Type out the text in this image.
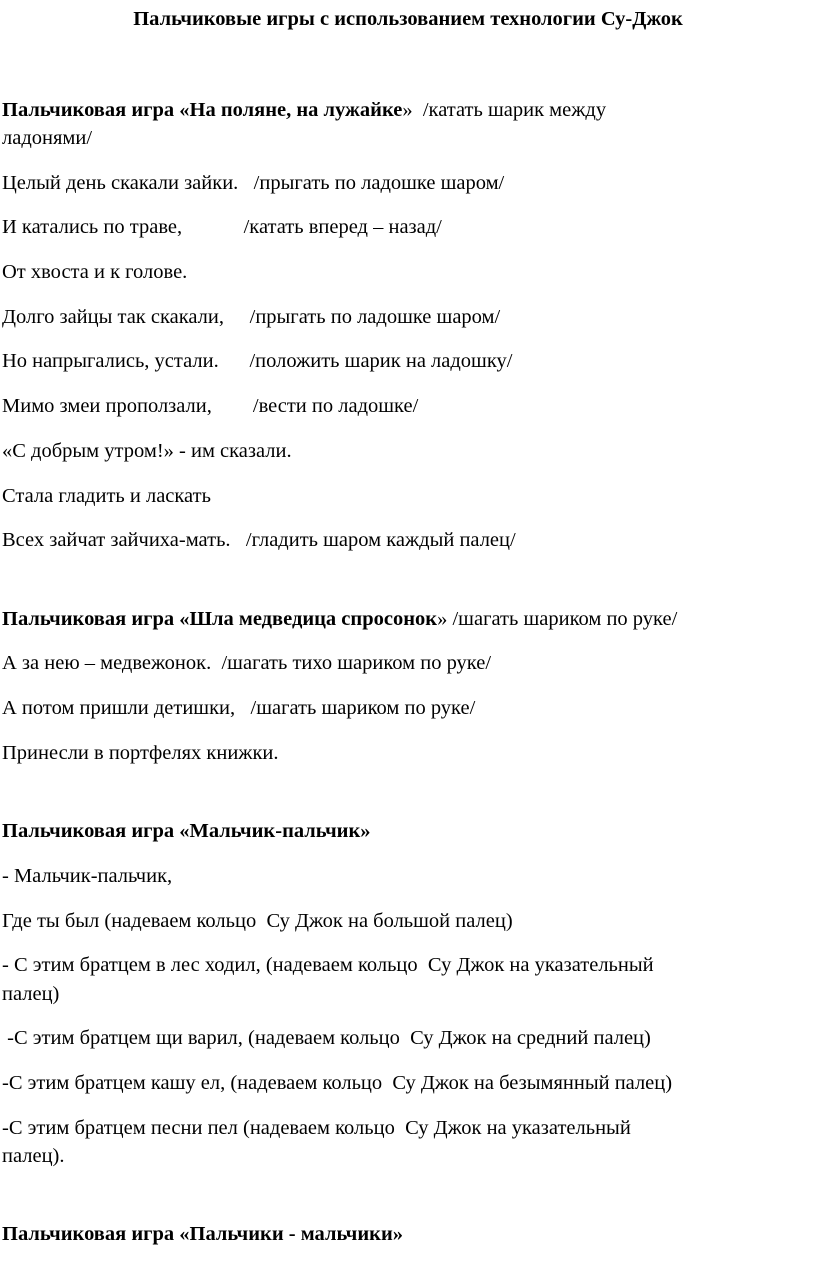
Пальчиковые игры с использованием технологии Су-Джок
Пальчиковая игра «На поляне, на лужайке»  /катать шарик между
ладонями/
Целый день скакали зайки.   /прыгать по ладошке шаром/
И катались по траве,            /катать вперед – назад/
От хвоста и к голове.
Долго зайцы так скакали,     /прыгать по ладошке шаром/
Но напрыгались, устали.      /положить шарик на ладошку/
Мимо змеи проползали,        /вести по ладошке/
«С добрым утром!» - им сказали.
Стала гладить и ласкать
Всех зайчат зайчиха-мать.   /гладить шаром каждый палец/
Пальчиковая игра «Шла медведица спросонок» /шагать шариком по руке/
А за нею – медвежонок.  /шагать тихо шариком по руке/
А потом пришли детишки,   /шагать шариком по руке/
Принесли в портфелях книжки.
Пальчиковая игра «Мальчик-пальчик»
- Мальчик-пальчик,
Где ты был (надеваем кольцо  Су Джок на большой палец)
- С этим братцем в лес ходил, (надеваем кольцо  Су Джок на указательный
палец)
-С этим братцем щи варил, (надеваем кольцо  Су Джок на средний палец)
-С этим братцем кашу ел, (надеваем кольцо  Су Джок на безымянный палец)
-С этим братцем песни пел (надеваем кольцо  Су Джок на указательный
палец).
Пальчиковая игра «Пальчики - мальчики»
